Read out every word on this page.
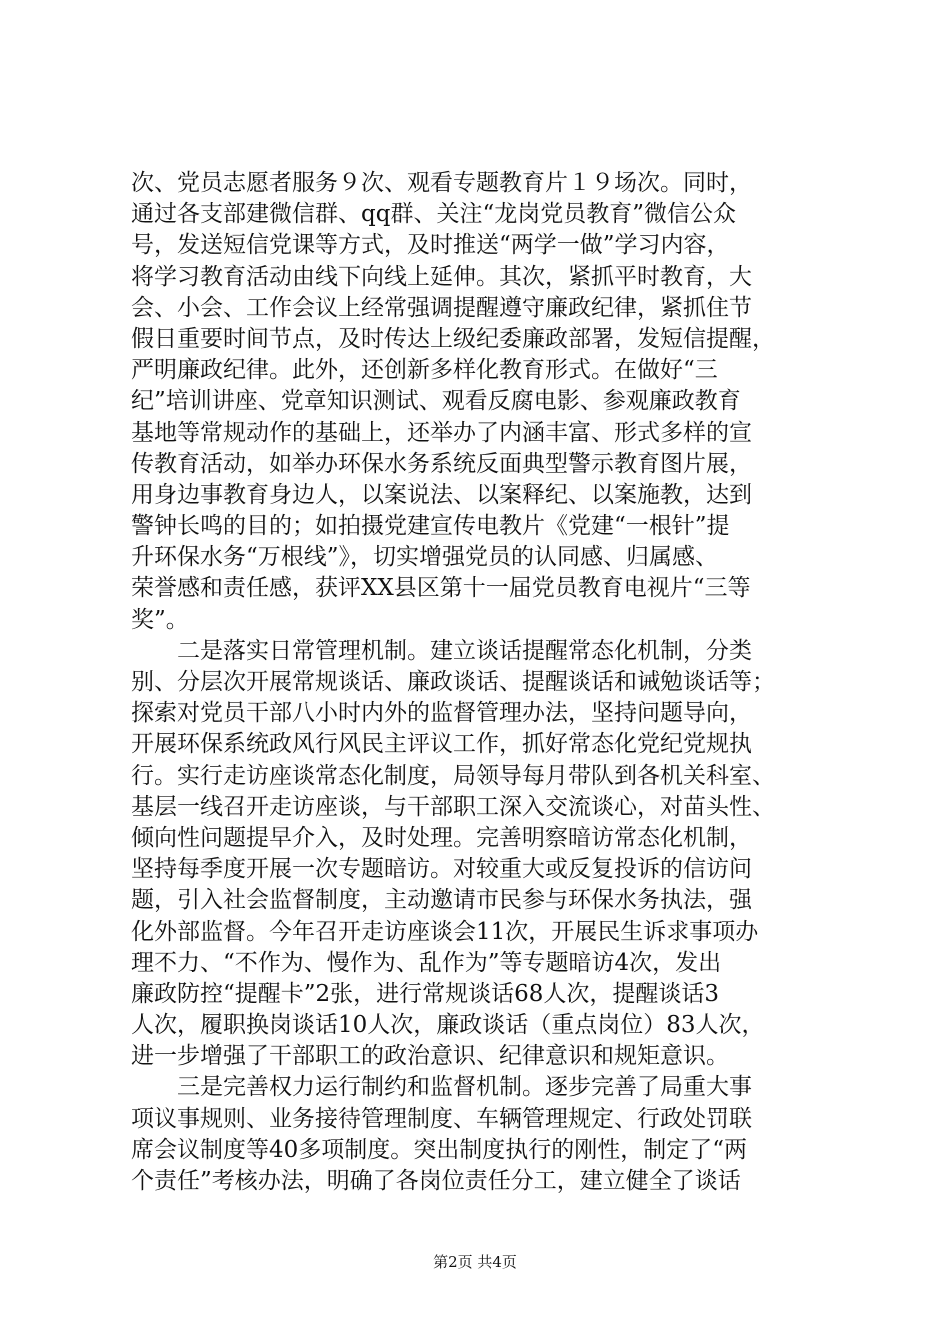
次、党员志愿者服务９次、观看专题教育片１９场次。同时，
通过各支部建微信群、qq群、关注“龙岗党员教育”微信公众
号，发送短信党课等方式，及时推送“两学一做”学习内容，
将学习教育活动由线下向线上延伸。其次，紧抓平时教育，大
会、小会、工作会议上经常强调提醒遵守廉政纪律，紧抓住节
假日重要时间节点，及时传达上级纪委廉政部署，发短信提醒，
严明廉政纪律。此外，还创新多样化教育形式。在做好“三
纪”培训讲座、党章知识测试、观看反腐电影、参观廉政教育
基地等常规动作的基础上，还举办了内涵丰富、形式多样的宣
传教育活动，如举办环保水务系统反面典型警示教育图片展，
用身边事教育身边人，以案说法、以案释纪、以案施教，达到
警钟长鸣的目的；如拍摄党建宣传电教片《党建“一根针”提
升环保水务“万根线”》，切实增强党员的认同感、归属感、
荣誉感和责任感，获评XX县区第十一届党员教育电视片“三等
奖”。
　　二是落实日常管理机制。建立谈话提醒常态化机制，分类
别、分层次开展常规谈话、廉政谈话、提醒谈话和诫勉谈话等；
探索对党员干部八小时内外的监督管理办法，坚持问题导向，
开展环保系统政风行风民主评议工作，抓好常态化党纪党规执
行。实行走访座谈常态化制度，局领导每月带队到各机关科室、
基层一线召开走访座谈，与干部职工深入交流谈心，对苗头性、
倾向性问题提早介入，及时处理。完善明察暗访常态化机制，
坚持每季度开展一次专题暗访。对较重大或反复投诉的信访问
题，引入社会监督制度，主动邀请市民参与环保水务执法，强
化外部监督。今年召开走访座谈会11次，开展民生诉求事项办
理不力、“不作为、慢作为、乱作为”等专题暗访4次，发出
廉政防控“提醒卡”2张，进行常规谈话68人次，提醒谈话3
人次，履职换岗谈话10人次，廉政谈话（重点岗位）83人次，
进一步增强了干部职工的政治意识、纪律意识和规矩意识。
　　三是完善权力运行制约和监督机制。逐步完善了局重大事
项议事规则、业务接待管理制度、车辆管理规定、行政处罚联
席会议制度等40多项制度。突出制度执行的刚性，制定了“两
个责任”考核办法，明确了各岗位责任分工，建立健全了谈话
第2页 共4页
